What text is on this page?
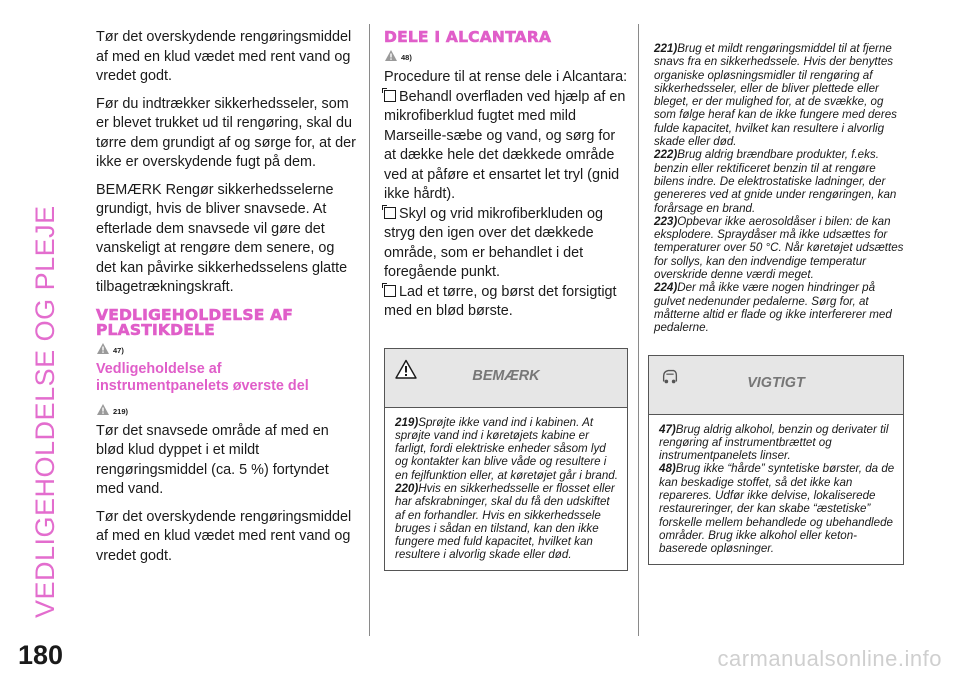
VEDLIGEHOLDELSE OG PLEJE
180	carmanualsonline.info

Tør det overskydende rengøringsmiddel af med en klud vædet med rent vand og vredet godt.

Før du indtrækker sikkerhedsseler, som er blevet trukket ud til rengøring, skal du tørre dem grundigt af og sørge for, at der ikke er overskydende fugt på dem.

BEMÆRK Rengør sikkerhedsselerne grundigt, hvis de bliver snavsede. At efterlade dem snavsede vil gøre det vanskeligt at rengøre dem senere, og det kan påvirke sikkerhedsselens glatte tilbagetrækningskraft.

VEDLIGEHOLDELSE AF PLASTIKDELE
47)
Vedligeholdelse af instrumentpanelets øverste del
219)

Tør det snavsede område af med en blød klud dyppet i et mildt rengøringsmiddel (ca. 5 %) fortyndet med vand.

Tør det overskydende rengøringsmiddel af med en klud vædet med rent vand og vredet godt.

DELE I ALCANTARA
48)

Procedure til at rense dele i Alcantara:

Behandl overfladen ved hjælp af en mikrofiberklud fugtet med mild Marseille-sæbe og vand, og sørg for at dække hele det dækkede område ved at påføre et ensartet let tryl (gnid ikke hårdt).

Skyl og vrid mikrofiberkluden og stryg den igen over det dækkede område, som er behandlet i det foregående punkt.

Lad et tørre, og børst det forsigtigt med en blød børste.

BEMÆRK

219)Sprøjte ikke vand ind i kabinen. At sprøjte vand ind i køretøjets kabine er farligt, fordi elektriske enheder såsom lyd og kontakter kan blive våde og resultere i en fejlfunktion eller, at køretøjet går i brand.

220)Hvis en sikkerhedsselle er flosset eller har afskrabninger, skal du få den udskiftet af en forhandler. Hvis en sikkerhedssele bruges i sådan en tilstand, kan den ikke fungere med fuld kapacitet, hvilket kan resultere i alvorlig skade eller død.

221)Brug et mildt rengøringsmiddel til at fjerne snavs fra en sikkerhedssele. Hvis der benyttes organiske opløsningsmidler til rengøring af sikkerhedsseler, eller de bliver plettede eller bleget, er der mulighed for, at de svække, og som følge heraf kan de ikke fungere med deres fulde kapacitet, hvilket kan resultere i alvorlig skade eller død.

222)Brug aldrig brændbare produkter, f.eks. benzin eller rektificeret benzin til at rengøre bilens indre. De elektrostatiske ladninger, der genereres ved at gnide under rengøringen, kan forårsage en brand.

223)Opbevar ikke aerosoldåser i bilen: de kan eksplodere. Spraydåser må ikke udsættes for temperaturer over 50 °C. Når køretøjet udsættes for sollys, kan den indvendige temperatur overskride denne værdi meget.

224)Der må ikke være nogen hindringer på gulvet nedenunder pedalerne. Sørg for, at måtterne altid er flade og ikke interfererer med pedalerne.

VIGTIGT

47)Brug aldrig alkohol, benzin og derivater til rengøring af instrumentbrættet og instrumentpanelets linser.

48)Brug ikke “hårde” syntetiske børster, da de kan beskadige stoffet, så det ikke kan repareres. Udfør ikke delvise, lokaliserede restaureringer, der kan skabe “æstetiske” forskelle mellem behandlede og ubehandlede områder. Brug ikke alkohol eller keton-baserede opløsninger.
